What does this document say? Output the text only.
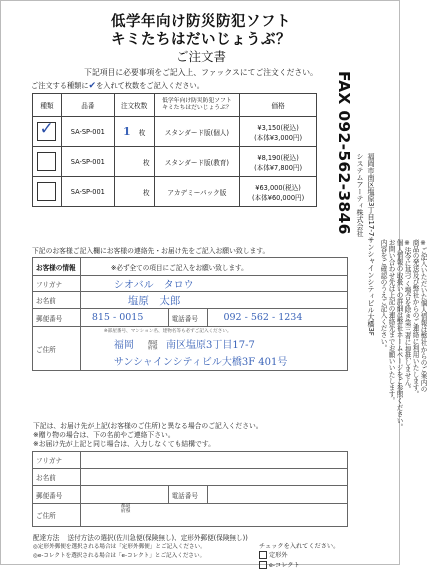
低学年向け防災防犯ソフト
キミたちはだいじょうぶ？
ご注文書
下記項目に必要事項をご記入上、ファックスにてご注文ください。
ご注文する種類に✔を入れて枚数をご記入ください。
種類	品番	注文枚数	低学年向け防災防犯ソフト
キミたちはだいじょうぶ？	価格

✓	SA-SP-001	1 枚	スタンダード版(個人)	¥3,150(税込)
(本体¥3,000円)

	SA-SP-001	枚	スタンダード版(教育)	¥8,190(税込)
(本体¥7,800円)

	SA-SP-001	枚	アカデミーパック版	¥63,000(税込)
(本体¥60,000円)	FAX 092-562-3846 システムアーティ株式会社 福岡市南区塩原3丁目17-7サンシャインシティビル大橋3F	※ご記入いただいた個人情報は弊社からのご案内の
商品の発送及び弊社からのご連絡に利用いたします。
※法令に基づく場合を除き第三者に提供しません。
個人情報の取扱いの詳細は弊社ホームページをご参照ください。
お問い合わせ先は上記の連絡先までお願いいたします。
内容をご確認のうえご記入ください。
下記のお客様ご記入欄にお客様の連絡先・お届け先をご記入お願い致します。
お客様の情報	※必ず全ての項目にご記入をお願い致します。		
フリガナ	シオバル　タロウ		
お名前	塩原　太郎		
郵便番号	815 - 0015	電話番号	092 - 562 - 1234
ご住所	※部屋番号、マンション名、建物名等も必ずご記入ください。
福岡 都道府県 南区塩原3丁目17-7
サンシャインシティビル大橋3F 401号		
下記は、お届け先が上記(お客様のご住所)と異なる場合のご記入ください。
※贈り物の場合は、下の名前やご連絡下さい。
※お届け先が上記と同じ場合は、入力しなくても結構です。
フリガナ			
お名前			
郵便番号		電話番号	
ご住所	都道府県		
配達方法 送付方法の選択(佐川急便(保険無し)、定形外郵便(保険無し))
◎定形外郵便を選択される場合は「定形外郵便」とご記入ください。
◎e-コレクトを選択される場合は「e-コレクト」とご記入ください。
チェックを入れてください。
定形外
e-コレクト
